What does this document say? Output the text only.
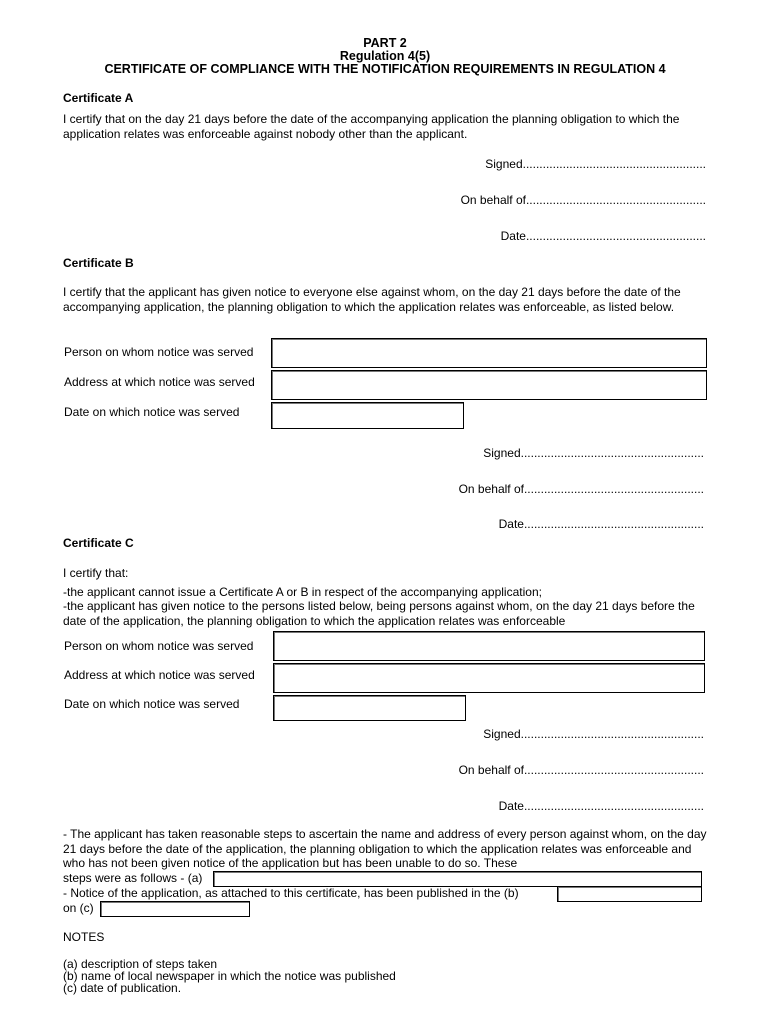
PART 2
Regulation 4(5)
CERTIFICATE OF COMPLIANCE WITH THE NOTIFICATION REQUIREMENTS IN REGULATION 4
Certificate A
I certify that on the day 21 days before the date of the accompanying application the planning obligation to which the application relates was enforceable against nobody other than the applicant.
Signed.......................................................
On behalf of......................................................
Date......................................................
Certificate B
I certify that the applicant has given notice to everyone else against whom, on the day 21 days before the date of the accompanying application, the planning obligation to which the application relates was enforceable, as listed below.
Person on whom notice was served
Address at which notice was served
Date on which notice was served
Signed.......................................................
On behalf of......................................................
Date......................................................
Certificate C
I certify that:
-the applicant cannot issue a Certificate A or B in respect of the accompanying application;
-the applicant has given notice to the persons listed below, being persons against whom, on the day 21 days before the date of the application, the planning obligation to which the application relates was enforceable
Person on whom notice was served
Address at which notice was served
Date on which notice was served
Signed.......................................................
On behalf of......................................................
Date......................................................
- The applicant has taken reasonable steps to ascertain the name and address of every person against whom, on the day 21 days before the date of the application, the planning obligation to which the application relates was enforceable and who has not been given notice of the application but has been unable to do so. These
steps were as follows - (a)
- Notice of the application, as attached to this certificate, has been published in the (b)
on (c)
NOTES
(a) description of steps taken
(b) name of local newspaper in which the notice was published
(c) date of publication.
